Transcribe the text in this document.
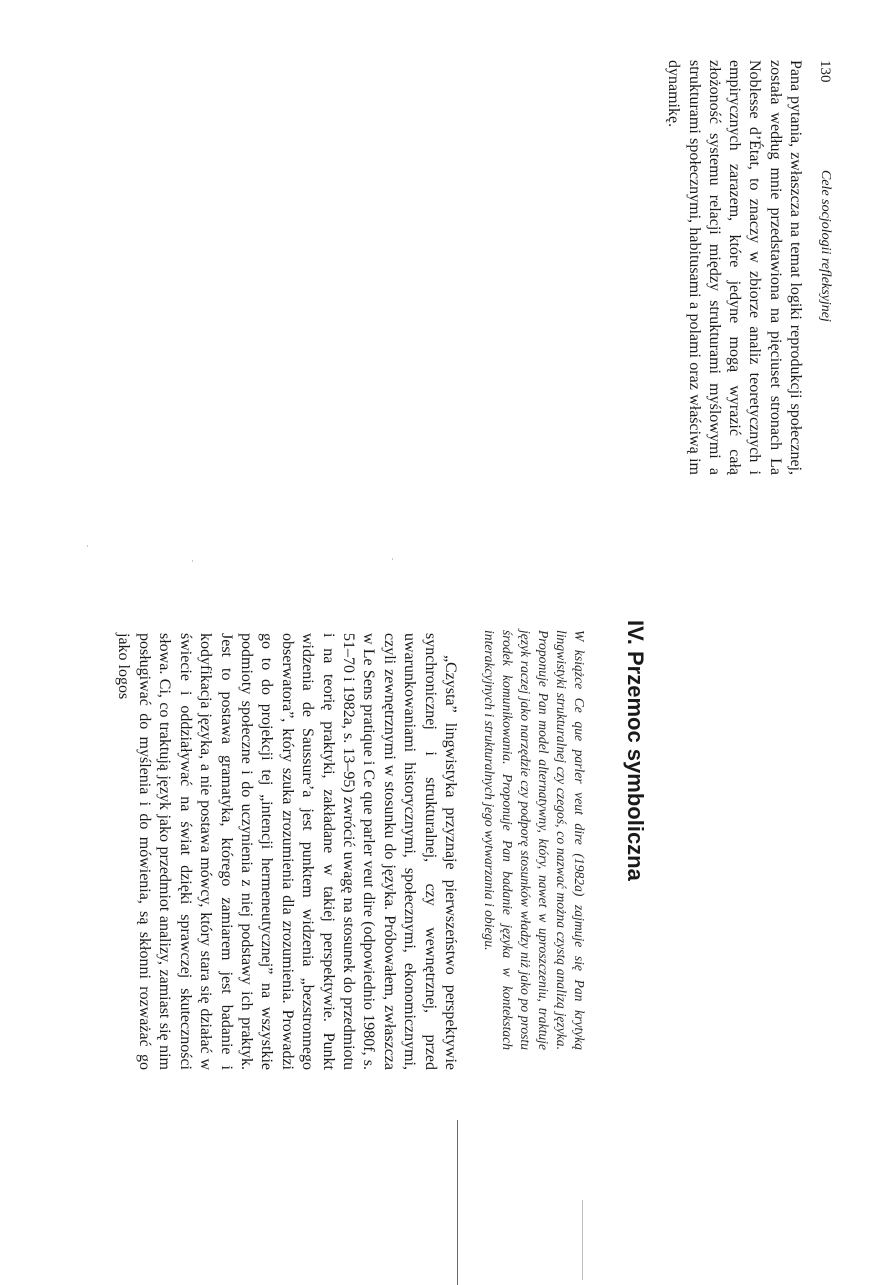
130
Cele socjologii refleksyjnej

Pana pytania, zwłaszcza na temat logiki reprodukcji społecznej, została według mnie przedstawiona na pięciuset stronach La Noblesse d’État, to znaczy w zbiorze analiz teoretycznych i empirycznych zarazem, które jedyne mogą wyrazić całą złożoność systemu relacji między strukturami myślowymi a strukturami społecznymi, habitusami a polami oraz właściwą im dynamikę.

IV. Przemoc symboliczna

W książce Ce que parler veut dire (1982a) zajmuje się Pan krytyką lingwistyki strukturalnej czy czegoś, co nazwać można czystą analizą języka. Proponuje Pan model alternatywny, który, nawet w uproszczeniu, traktuje język raczej jako narzędzie czy podporę stosunków władzy niż jako po prostu środek komunikowania. Proponuje Pan badanie języka w kontekstach interakcyjnych i strukturalnych jego wytwarzania i obiegu.

„Czysta” lingwistyka przyznaje pierwszeństwo perspektywie synchronicznej i strukturalnej, czy wewnętrznej, przed uwarunkowaniami historycznymi, społecznymi, ekonomicznymi, czyli zewnętrznymi w stosunku do języka. Próbowałem, zwłaszcza w Le Sens pratique i Ce que parler veut dire (odpowiednio 1980f, s. 51–70 i 1982a, s. 13–95) zwrócić uwagę na stosunek do przedmiotu i na teorię praktyki, zakładane w takiej perspektywie. Punkt widzenia de Saussure’a jest punktem widzenia „bezstronnego obserwatora”, który szuka zrozumienia dla zrozumienia. Prowadzi go to do projekcji tej „intencji hermeneutycznej” na wszystkie podmioty społeczne i do uczynienia z niej podstawy ich praktyk. Jest to postawa gramatyka, którego zamiarem jest badanie i kodyfikacja języka, a nie postawa mówcy, który stara się działać w świecie i oddziaływać na świat dzięki sprawczej skuteczności słowa. Ci, co traktują język jako przedmiot analizy, zamiast się nim posługiwać do myślenia i do mówienia, są skłonni rozważać go jako logos
